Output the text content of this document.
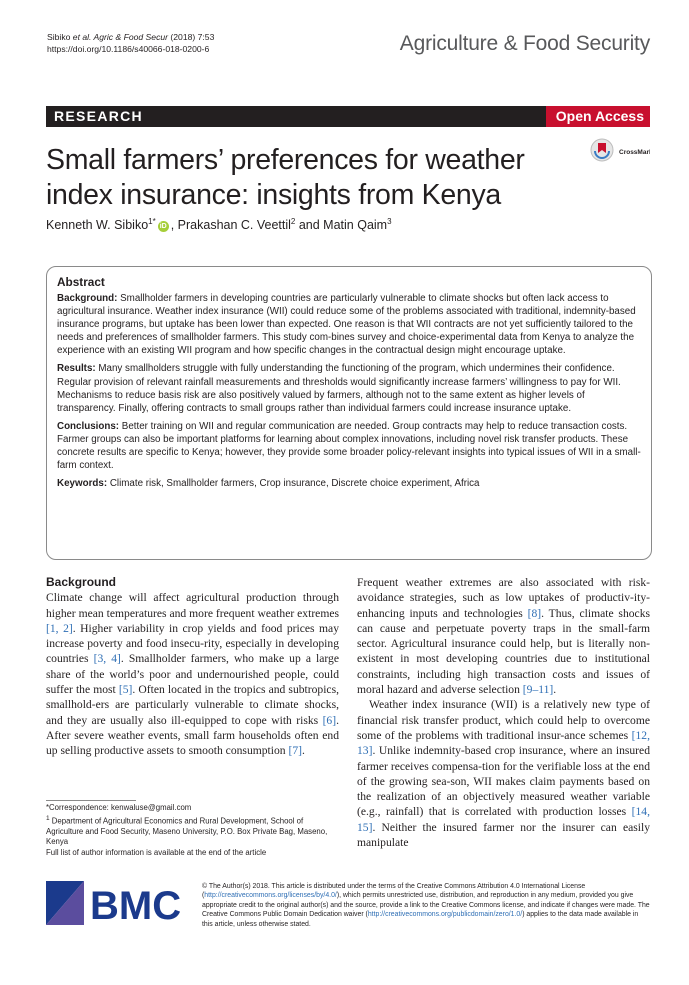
Sibiko et al. Agric & Food Secur (2018) 7:53
https://doi.org/10.1186/s40066-018-0200-6	Agriculture & Food Security
RESEARCH	Open Access
CrossMark
Small farmers’ preferences for weather
index insurance: insights from Kenya
Kenneth W. Sibiko$^{1*}$iD , Prakashan C. Veettil$^2$ and Matin Qaim$^3$
Abstract

Background: Smallholder farmers in developing countries are particularly vulnerable to climate shocks but often lack access to agricultural insurance. Weather index insurance (WII) could reduce some of the problems associated with traditional, indemnity-based insurance programs, but uptake has been lower than expected. One reason is that WII contracts are not yet sufficiently tailored to the needs and preferences of smallholder farmers. This study com-bines survey and choice-experimental data from Kenya to analyze the experience with an existing WII program and how specific changes in the contractual design might encourage uptake.

Results: Many smallholders struggle with fully understanding the functioning of the program, which undermines their confidence. Regular provision of relevant rainfall measurements and thresholds would significantly increase farmers’ willingness to pay for WII. Mechanisms to reduce basis risk are also positively valued by farmers, although not to the same extent as higher levels of transparency. Finally, offering contracts to small groups rather than individual farmers could increase insurance uptake.

Conclusions: Better training on WII and regular communication are needed. Group contracts may help to reduce transaction costs. Farmer groups can also be important platforms for learning about complex innovations, including novel risk transfer products. These concrete results are specific to Kenya; however, they provide some broader policy-relevant insights into typical issues of WII in a small-farm context.

Keywords: Climate risk, Smallholder farmers, Crop insurance, Discrete choice experiment, Africa

Background

Climate change will affect agricultural production through higher mean temperatures and more frequent weather extremes [1, 2]. Higher variability in crop yields and food prices may increase poverty and food insecu-rity, especially in developing countries [3, 4]. Smallholder farmers, who make up a large share of the world’s poor and undernourished people, could suffer the most [5]. Often located in the tropics and subtropics, smallhold-ers are particularly vulnerable to climate shocks, and they are usually also ill-equipped to cope with risks [6]. After severe weather events, small farm households often end up selling productive assets to smooth consumption [7].

Frequent weather extremes are also associated with risk-avoidance strategies, such as low uptakes of productiv-ity-enhancing inputs and technologies [8]. Thus, climate shocks can cause and perpetuate poverty traps in the small-farm sector. Agricultural insurance could help, but is literally non-existent in most developing countries due to institutional constraints, including high transaction costs and issues of moral hazard and adverse selection [9–11].

Weather index insurance (WII) is a relatively new type of financial risk transfer product, which could help to overcome some of the problems with traditional insur-ance schemes [12, 13]. Unlike indemnity-based crop insurance, where an insured farmer receives compensa-tion for the verifiable loss at the end of the growing sea-son, WII makes claim payments based on the realization of an objectively measured weather variable (e.g., rainfall) that is correlated with production losses [14, 15]. Neither the insured farmer nor the insurer can easily manipulate

*Correspondence: kenwaluse@gmail.com
$^1$ Department of Agricultural Economics and Rural Development, School of Agriculture and Food Security, Maseno University, P.O. Box Private Bag, Maseno, Kenya
Full list of author information is available at the end of the article
BMC	© The Author(s) 2018. This article is distributed under the terms of the Creative Commons Attribution 4.0 International License (http://creativecommons.org/licenses/by/4.0/), which permits unrestricted use, distribution, and reproduction in any medium, provided you give appropriate credit to the original author(s) and the source, provide a link to the Creative Commons license, and indicate if changes were made. The Creative Commons Public Domain Dedication waiver (http://creativecommons.org/publicdomain/zero/1.0/) applies to the data made available in this article, unless otherwise stated.
